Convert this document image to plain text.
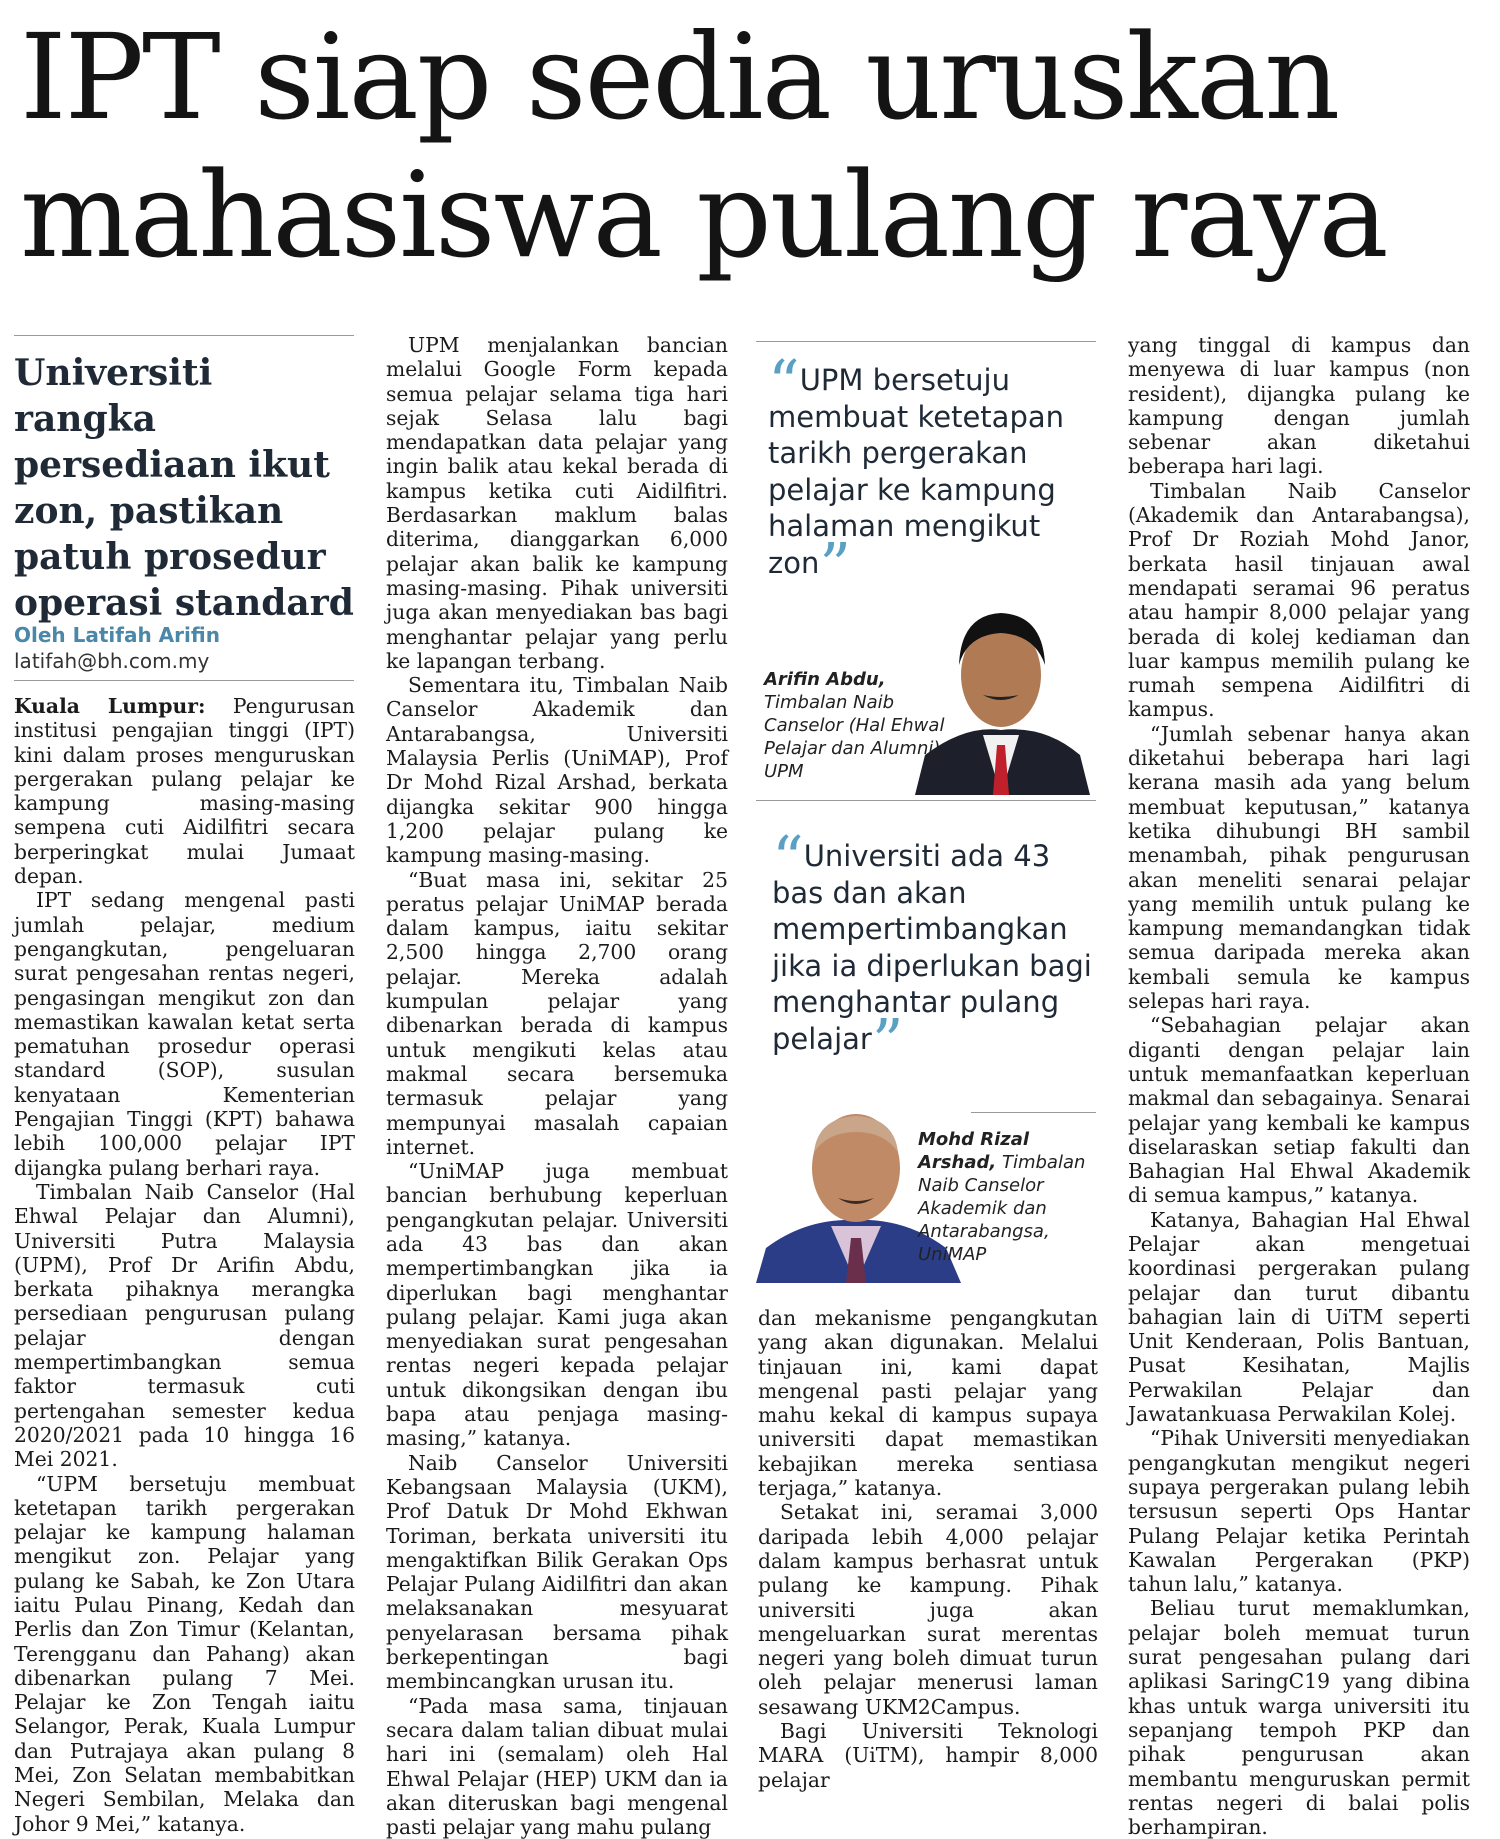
IPT siap sedia uruskan
mahasiswa pulang raya
Universiti rangka persediaan ikut zon, pastikan patuh prosedur operasi standard
Oleh Latifah Arifin
latifah@bh.com.my

Kuala Lumpur: Pengurusan institusi pengajian tinggi (IPT) kini dalam proses menguruskan pergerakan pulang pelajar ke kampung masing-masing sempena cuti Aidilfitri secara berperingkat mulai Jumaat depan.

IPT sedang mengenal pasti jumlah pelajar, medium pengangkutan, pengeluaran surat pengesahan rentas negeri, pengasingan mengikut zon dan memastikan kawalan ketat serta pematuhan prosedur operasi standard (SOP), susulan kenyataan Kementerian Pengajian Tinggi (KPT) bahawa lebih 100,000 pelajar IPT dijangka pulang berhari raya.

Timbalan Naib Canselor (Hal Ehwal Pelajar dan Alumni), Universiti Putra Malaysia (UPM), Prof Dr Arifin Abdu, berkata pihaknya merangka persediaan pengurusan pulang pelajar dengan mempertimbangkan semua faktor termasuk cuti pertengahan semester kedua 2020/2021 pada 10 hingga 16 Mei 2021.

“UPM bersetuju membuat ketetapan tarikh pergerakan pelajar ke kampung halaman mengikut zon. Pelajar yang pulang ke Sabah, ke Zon Utara iaitu Pulau Pinang, Kedah dan Perlis dan Zon Timur (Kelantan, Terengganu dan Pahang) akan dibenarkan pulang 7 Mei. Pelajar ke Zon Tengah iaitu Selangor, Perak, Kuala Lumpur dan Putrajaya akan pulang 8 Mei, Zon Selatan membabitkan Negeri Sembilan, Melaka dan Johor 9 Mei,” katanya.

UPM menjalankan bancian melalui Google Form kepada semua pelajar selama tiga hari sejak Selasa lalu bagi mendapatkan data pelajar yang ingin balik atau kekal berada di kampus ketika cuti Aidilfitri. Berdasarkan maklum balas diterima, dianggarkan 6,000 pelajar akan balik ke kampung masing-masing. Pihak universiti juga akan menyediakan bas bagi menghantar pelajar yang perlu ke lapangan terbang.

Sementara itu, Timbalan Naib Canselor Akademik dan Antarabangsa, Universiti Malaysia Perlis (UniMAP), Prof Dr Mohd Rizal Arshad, berkata dijangka sekitar 900 hingga 1,200 pelajar pulang ke kampung masing-masing.

“Buat masa ini, sekitar 25 peratus pelajar UniMAP berada dalam kampus, iaitu sekitar 2,500 hingga 2,700 orang pelajar. Mereka adalah kumpulan pelajar yang dibenarkan berada di kampus untuk mengikuti kelas atau makmal secara bersemuka termasuk pelajar yang mempunyai masalah capaian internet.

“UniMAP juga membuat bancian berhubung keperluan pengangkutan pelajar. Universiti ada 43 bas dan akan mempertimbangkan jika ia diperlukan bagi menghantar pulang pelajar. Kami juga akan menyediakan surat pengesahan rentas negeri kepada pelajar untuk dikongsikan dengan ibu bapa atau penjaga masing-masing,” katanya.

Naib Canselor Universiti Kebangsaan Malaysia (UKM), Prof Datuk Dr Mohd Ekhwan Toriman, berkata universiti itu mengaktifkan Bilik Gerakan Ops Pelajar Pulang Aidilfitri dan akan melaksanakan mesyuarat penyelarasan bersama pihak berkepentingan bagi membincangkan urusan itu.

“Pada masa sama, tinjauan secara dalam talian dibuat mulai hari ini (semalam) oleh Hal Ehwal Pelajar (HEP) UKM dan ia akan diteruskan bagi mengenal pasti pelajar yang mahu pulang

“UPM bersetuju membuat ketetapan tarikh pergerakan pelajar ke kampung halaman mengikut zon”
Arifin Abdu, Timbalan Naib Canselor (Hal Ehwal Pelajar dan Alumni), UPM
“Universiti ada 43 bas dan akan mempertimbangkan jika ia diperlukan bagi menghantar pulang pelajar”
Mohd Rizal Arshad, Timbalan Naib Canselor Akademik dan Antarabangsa, UniMAP

dan mekanisme pengangkutan yang akan digunakan. Melalui tinjauan ini, kami dapat mengenal pasti pelajar yang mahu kekal di kampus supaya universiti dapat memastikan kebajikan mereka sentiasa terjaga,” katanya.

Setakat ini, seramai 3,000 daripada lebih 4,000 pelajar dalam kampus berhasrat untuk pulang ke kampung. Pihak universiti juga akan mengeluarkan surat merentas negeri yang boleh dimuat turun oleh pelajar menerusi laman sesawang UKM2Campus.

Bagi Universiti Teknologi MARA (UiTM), hampir 8,000 pelajar

yang tinggal di kampus dan menyewa di luar kampus (non resident), dijangka pulang ke kampung dengan jumlah sebenar akan diketahui beberapa hari lagi.

Timbalan Naib Canselor (Akademik dan Antarabangsa), Prof Dr Roziah Mohd Janor, berkata hasil tinjauan awal mendapati seramai 96 peratus atau hampir 8,000 pelajar yang berada di kolej kediaman dan luar kampus memilih pulang ke rumah sempena Aidilfitri di kampus.

“Jumlah sebenar hanya akan diketahui beberapa hari lagi kerana masih ada yang belum membuat keputusan,” katanya ketika dihubungi BH sambil menambah, pihak pengurusan akan meneliti senarai pelajar yang memilih untuk pulang ke kampung memandangkan tidak semua daripada mereka akan kembali semula ke kampus selepas hari raya.

“Sebahagian pelajar akan diganti dengan pelajar lain untuk memanfaatkan keperluan makmal dan sebagainya. Senarai pelajar yang kembali ke kampus diselaraskan setiap fakulti dan Bahagian Hal Ehwal Akademik di semua kampus,” katanya.

Katanya, Bahagian Hal Ehwal Pelajar akan mengetuai koordinasi pergerakan pulang pelajar dan turut dibantu bahagian lain di UiTM seperti Unit Kenderaan, Polis Bantuan, Pusat Kesihatan, Majlis Perwakilan Pelajar dan Jawatankuasa Perwakilan Kolej.

“Pihak Universiti menyediakan pengangkutan mengikut negeri supaya pergerakan pulang lebih tersusun seperti Ops Hantar Pulang Pelajar ketika Perintah Kawalan Pergerakan (PKP) tahun lalu,” katanya.

Beliau turut memaklumkan, pelajar boleh memuat turun surat pengesahan pulang dari aplikasi SaringC19 yang dibina khas untuk warga universiti itu sepanjang tempoh PKP dan pihak pengurusan akan membantu menguruskan permit rentas negeri di balai polis berhampiran.
